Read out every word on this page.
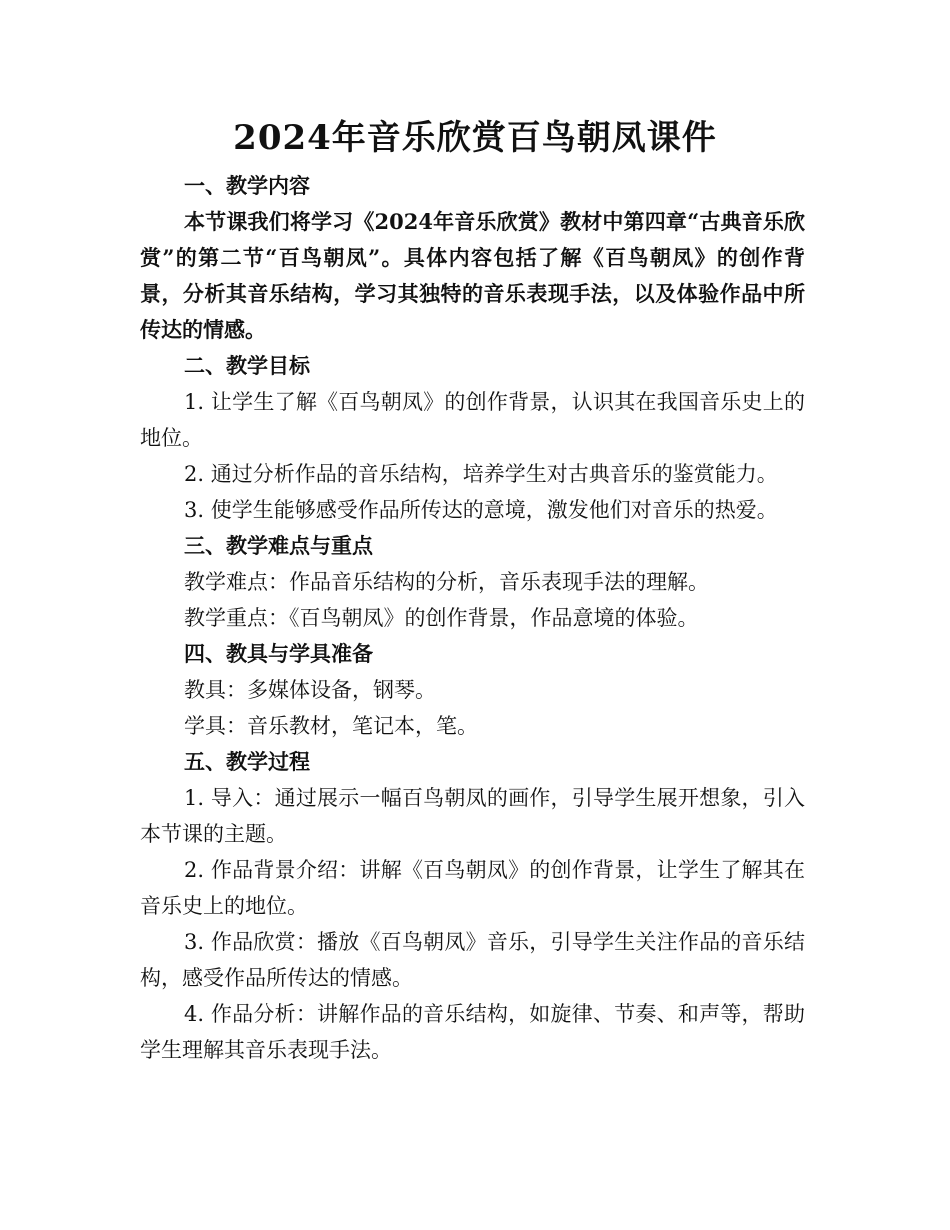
2024年音乐欣赏百鸟朝凤课件

一、教学内容

本节课我们将学习《2024年音乐欣赏》教材中第四章“古典音乐欣赏”的第二节“百鸟朝凤”。具体内容包括了解《百鸟朝凤》的创作背景，分析其音乐结构，学习其独特的音乐表现手法，以及体验作品中所传达的情感。

二、教学目标

1. 让学生了解《百鸟朝凤》的创作背景，认识其在我国音乐史上的地位。

2. 通过分析作品的音乐结构，培养学生对古典音乐的鉴赏能力。

3. 使学生能够感受作品所传达的意境，激发他们对音乐的热爱。

三、教学难点与重点

教学难点：作品音乐结构的分析，音乐表现手法的理解。

教学重点：《百鸟朝凤》的创作背景，作品意境的体验。

四、教具与学具准备

教具：多媒体设备，钢琴。

学具：音乐教材，笔记本，笔。

五、教学过程

1. 导入：通过展示一幅百鸟朝凤的画作，引导学生展开想象，引入本节课的主题。

2. 作品背景介绍：讲解《百鸟朝凤》的创作背景，让学生了解其在音乐史上的地位。

3. 作品欣赏：播放《百鸟朝凤》音乐，引导学生关注作品的音乐结构，感受作品所传达的情感。

4. 作品分析：讲解作品的音乐结构，如旋律、节奏、和声等，帮助学生理解其音乐表现手法。
